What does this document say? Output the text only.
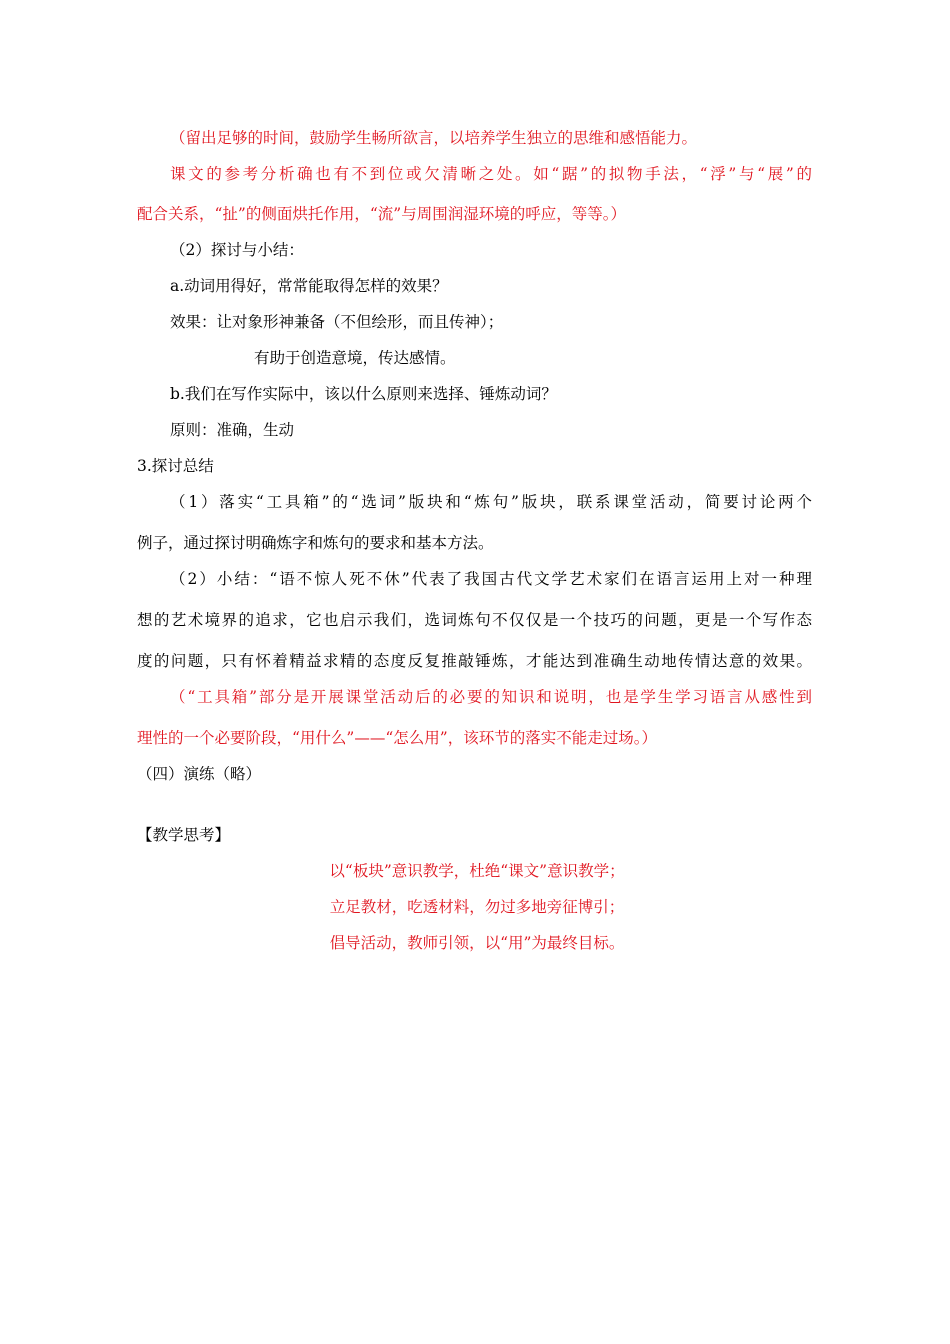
（留出足够的时间，鼓励学生畅所欲言，以培养学生独立的思维和感悟能力。
课文的参考分析确也有不到位或欠清晰之处。如“踞”的拟物手法，“浮”与“展”的
配合关系，“扯”的侧面烘托作用，“流”与周围润湿环境的呼应，等等。）
（2）探讨与小结：
a.动词用得好，常常能取得怎样的效果？
效果：让对象形神兼备（不但绘形，而且传神）；
有助于创造意境，传达感情。
b.我们在写作实际中，该以什么原则来选择、锤炼动词？
原则：准确，生动
3.探讨总结
（1）落实“工具箱”的“选词”版块和“炼句”版块，联系课堂活动，简要讨论两个
例子，通过探讨明确炼字和炼句的要求和基本方法。
（2）小结：“语不惊人死不休”代表了我国古代文学艺术家们在语言运用上对一种理
想的艺术境界的追求，它也启示我们，选词炼句不仅仅是一个技巧的问题，更是一个写作态
度的问题，只有怀着精益求精的态度反复推敲锤炼，才能达到准确生动地传情达意的效果。
（“工具箱”部分是开展课堂活动后的必要的知识和说明，也是学生学习语言从感性到
理性的一个必要阶段，“用什么”——“怎么用”，该环节的落实不能走过场。）
（四）演练（略）
【教学思考】
以“板块”意识教学，杜绝“课文”意识教学；
立足教材，吃透材料，勿过多地旁征博引；
倡导活动，教师引领，以“用”为最终目标。
